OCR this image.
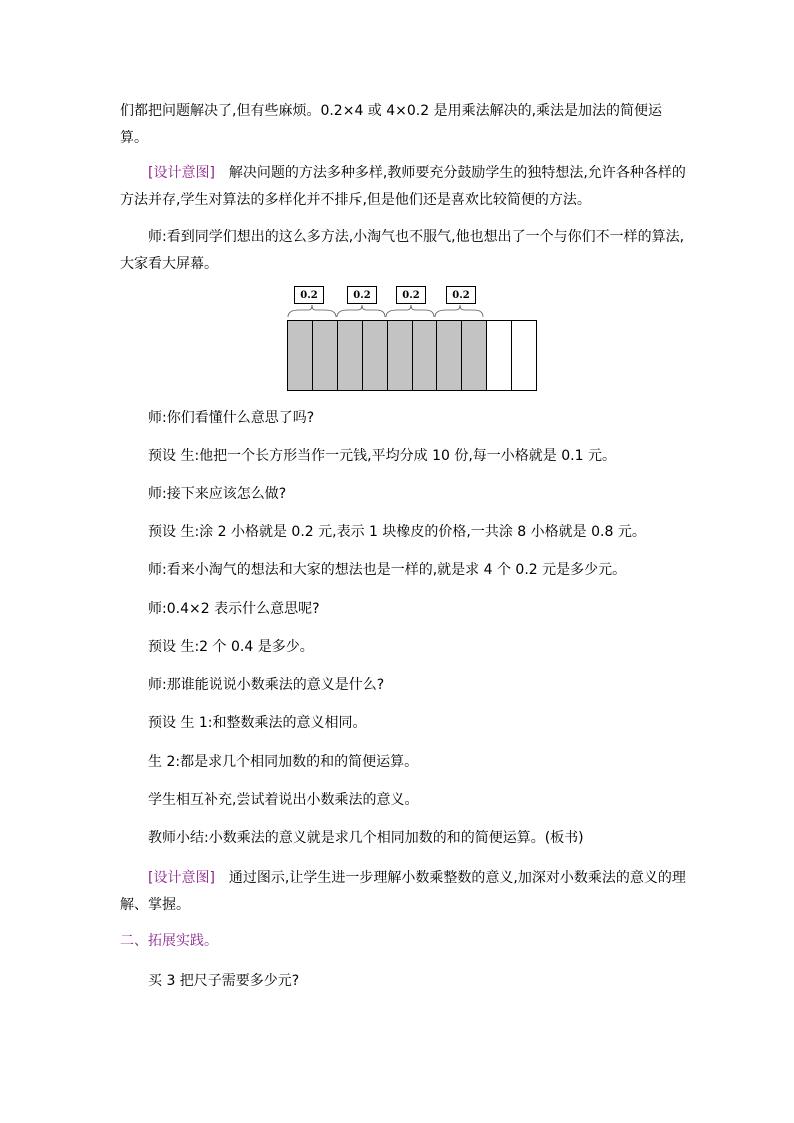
们都把问题解决了,但有些麻烦。0.2×4 或 4×0.2 是用乘法解决的,乘法是加法的简便运算。

[设计意图]　解决问题的方法多种多样,教师要充分鼓励学生的独特想法,允许各种各样的方法并存,学生对算法的多样化并不排斥,但是他们还是喜欢比较简便的方法。

师:看到同学们想出的这么多方法,小淘气也不服气,他也想出了一个与你们不一样的算法,大家看大屏幕。

0.2	0.2	0.2	0.2

师:你们看懂什么意思了吗?

预设 生:他把一个长方形当作一元钱,平均分成 10 份,每一小格就是 0.1 元。

师:接下来应该怎么做?

预设 生:涂 2 小格就是 0.2 元,表示 1 块橡皮的价格,一共涂 8 小格就是 0.8 元。

师:看来小淘气的想法和大家的想法也是一样的,就是求 4 个 0.2 元是多少元。

师:0.4×2 表示什么意思呢?

预设 生:2 个 0.4 是多少。

师:那谁能说说小数乘法的意义是什么?

预设 生 1:和整数乘法的意义相同。

生 2:都是求几个相同加数的和的简便运算。

学生相互补充,尝试着说出小数乘法的意义。

教师小结:小数乘法的意义就是求几个相同加数的和的简便运算。(板书)

[设计意图]　通过图示,让学生进一步理解小数乘整数的意义,加深对小数乘法的意义的理解、掌握。

二、拓展实践。

买 3 把尺子需要多少元?
